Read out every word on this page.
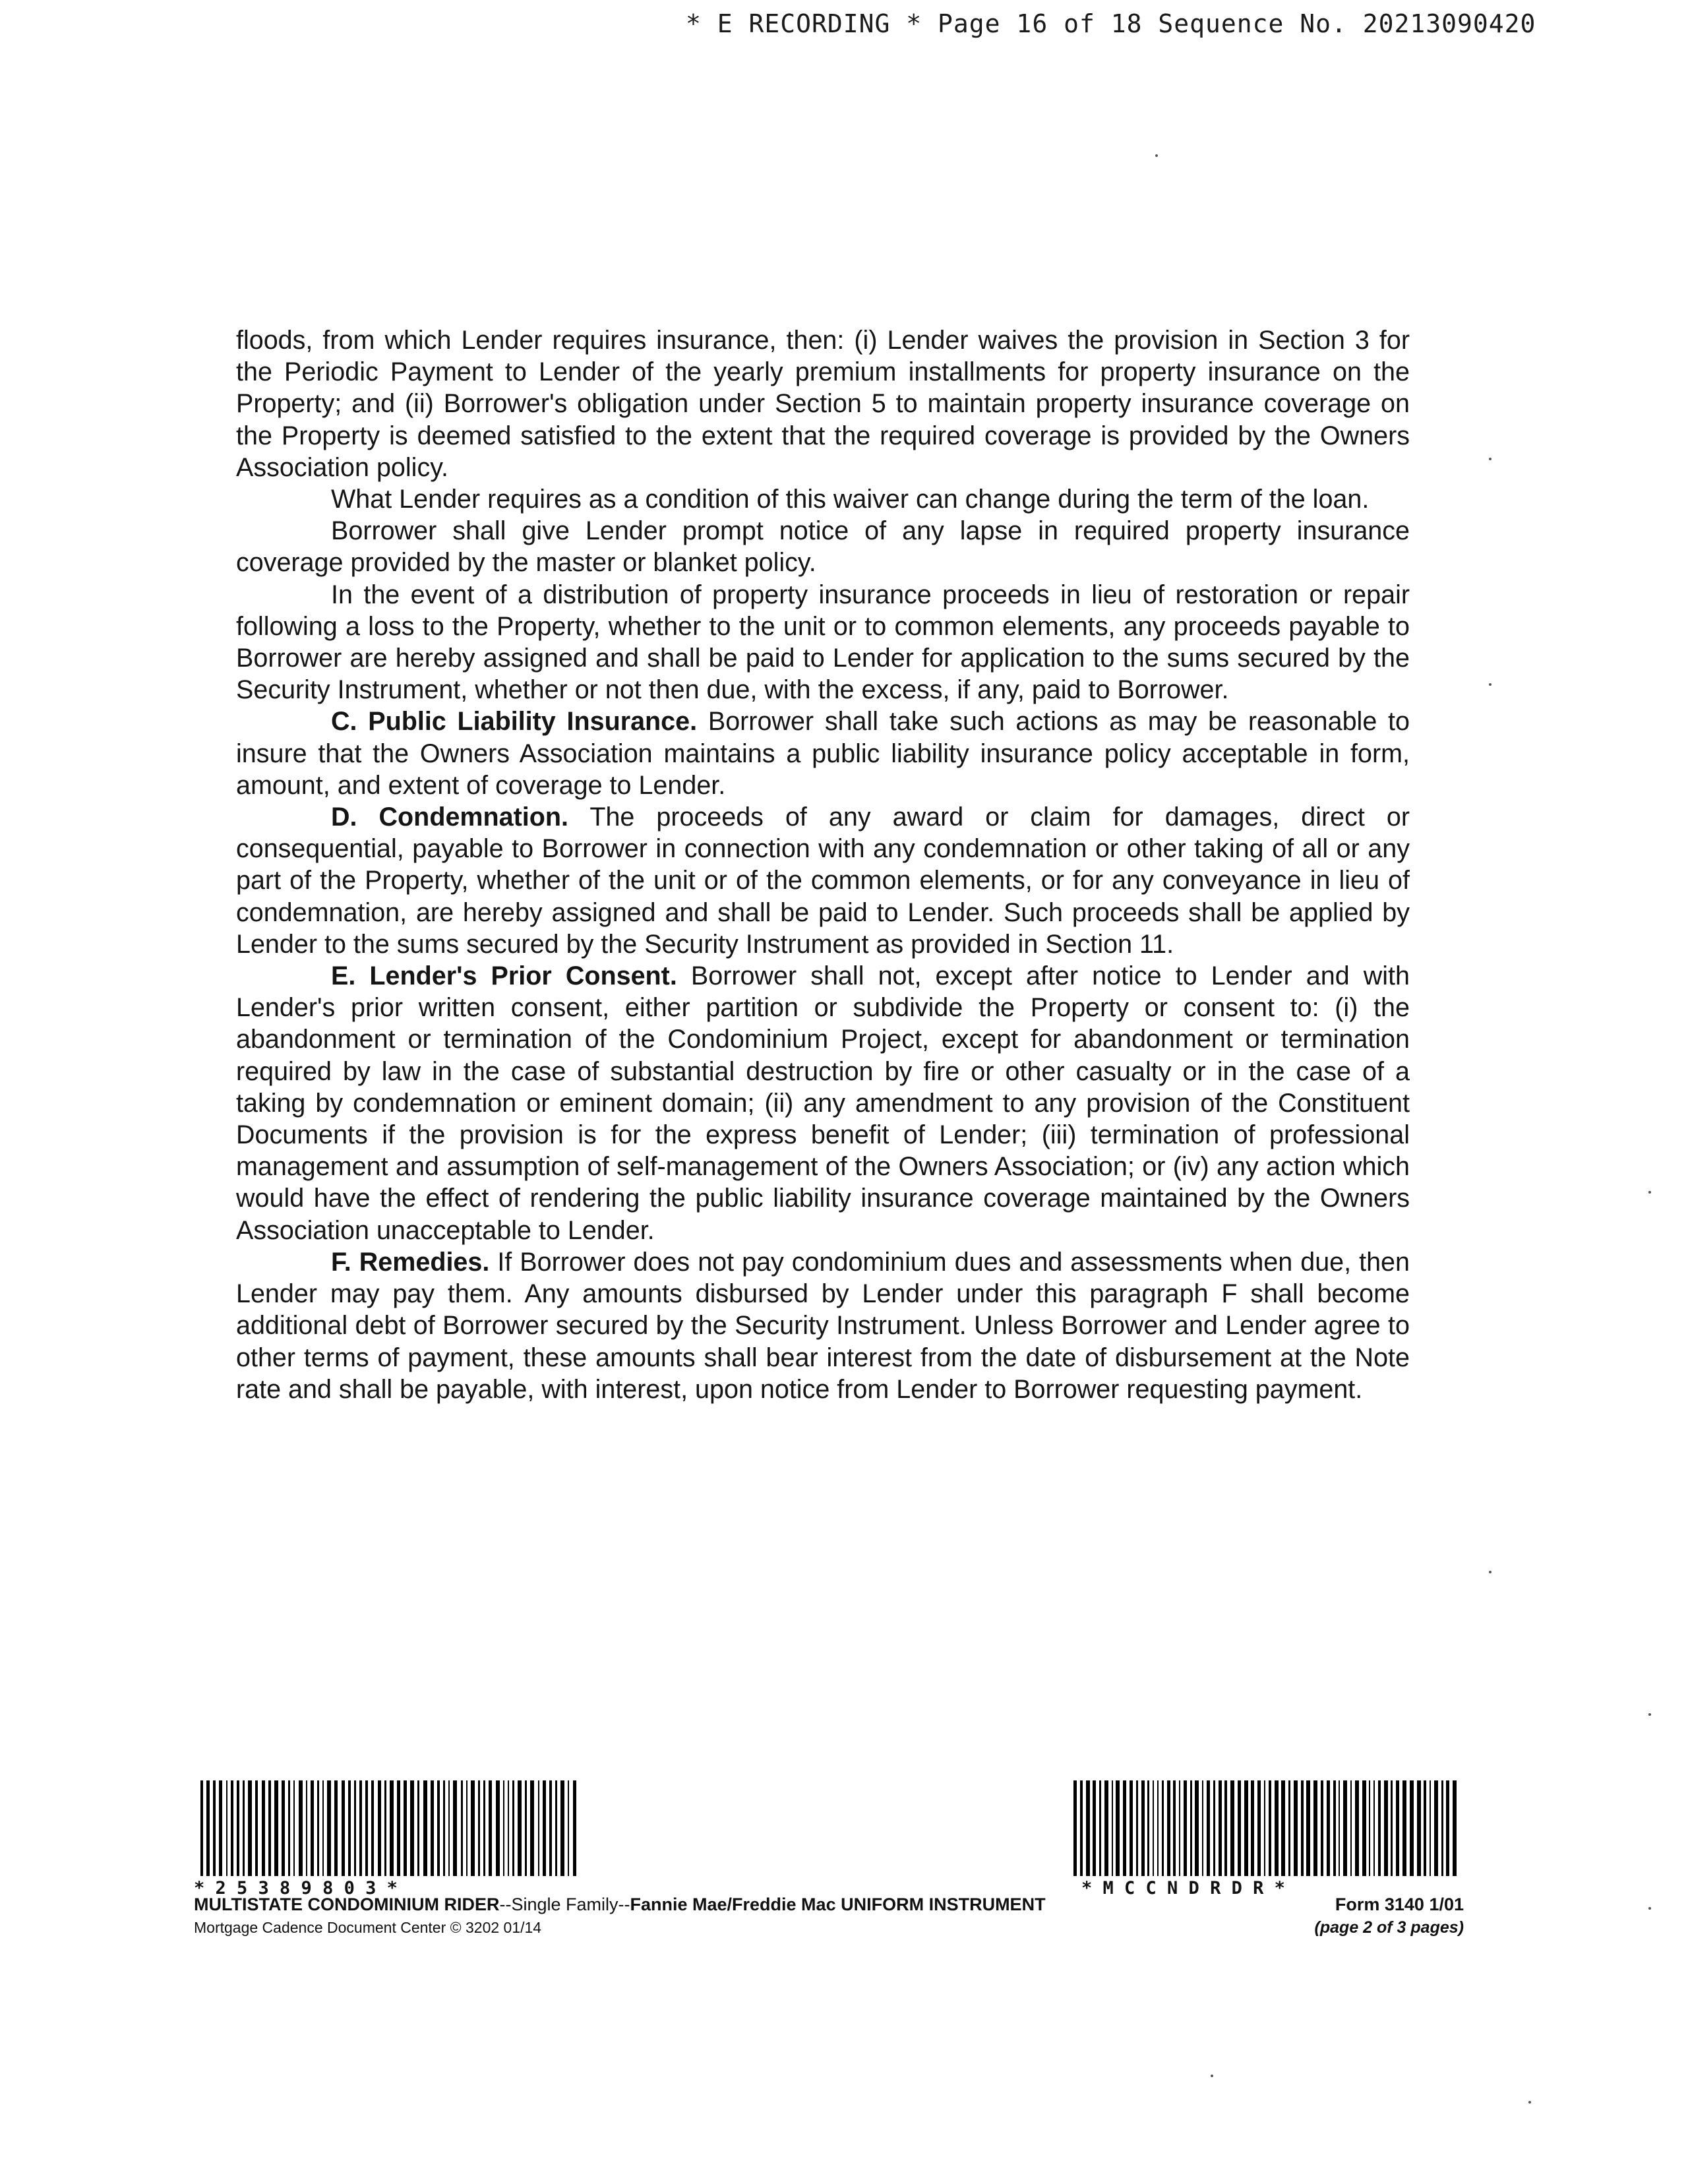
* E RECORDING * Page 16 of 18 Sequence No. 20213090420

floods, from which Lender requires insurance, then: (i) Lender waives the provision in Section 3 for the Periodic Payment to Lender of the yearly premium installments for property insurance on the Property; and (ii) Borrower's obligation under Section 5 to maintain property insurance coverage on the Property is deemed satisfied to the extent that the required coverage is provided by the Owners Association policy.

What Lender requires as a condition of this waiver can change during the term of the loan.

Borrower shall give Lender prompt notice of any lapse in required property insurance coverage provided by the master or blanket policy.

In the event of a distribution of property insurance proceeds in lieu of restoration or repair following a loss to the Property, whether to the unit or to common elements, any proceeds payable to Borrower are hereby assigned and shall be paid to Lender for application to the sums secured by the Security Instrument, whether or not then due, with the excess, if any, paid to Borrower.

C. Public Liability Insurance. Borrower shall take such actions as may be reasonable to insure that the Owners Association maintains a public liability insurance policy acceptable in form, amount, and extent of coverage to Lender.

D. Condemnation. The proceeds of any award or claim for damages, direct or consequential, payable to Borrower in connection with any condemnation or other taking of all or any part of the Property, whether of the unit or of the common elements, or for any conveyance in lieu of condemnation, are hereby assigned and shall be paid to Lender. Such proceeds shall be applied by Lender to the sums secured by the Security Instrument as provided in Section 11.

E. Lender's Prior Consent. Borrower shall not, except after notice to Lender and with Lender's prior written consent, either partition or subdivide the Property or consent to: (i) the abandonment or termination of the Condominium Project, except for abandonment or termination required by law in the case of substantial destruction by fire or other casualty or in the case of a taking by condemnation or eminent domain; (ii) any amendment to any provision of the Constituent Documents if the provision is for the express benefit of Lender; (iii) termination of professional management and assumption of self-management of the Owners Association; or (iv) any action which would have the effect of rendering the public liability insurance coverage maintained by the Owners Association unacceptable to Lender.

F. Remedies. If Borrower does not pay condominium dues and assessments when due, then Lender may pay them. Any amounts disbursed by Lender under this paragraph F shall become additional debt of Borrower secured by the Security Instrument. Unless Borrower and Lender agree to other terms of payment, these amounts shall bear interest from the date of disbursement at the Note rate and shall be payable, with interest, upon notice from Lender to Borrower requesting payment.

* 2 5 3 8 9 8 0 3 *	* M C C N D R D R *
MULTISTATE CONDOMINIUM RIDER--Single Family--Fannie Mae/Freddie Mac UNIFORM INSTRUMENT
Mortgage Cadence Document Center © 3202 01/14
Form 3140 1/01
(page 2 of 3 pages)
